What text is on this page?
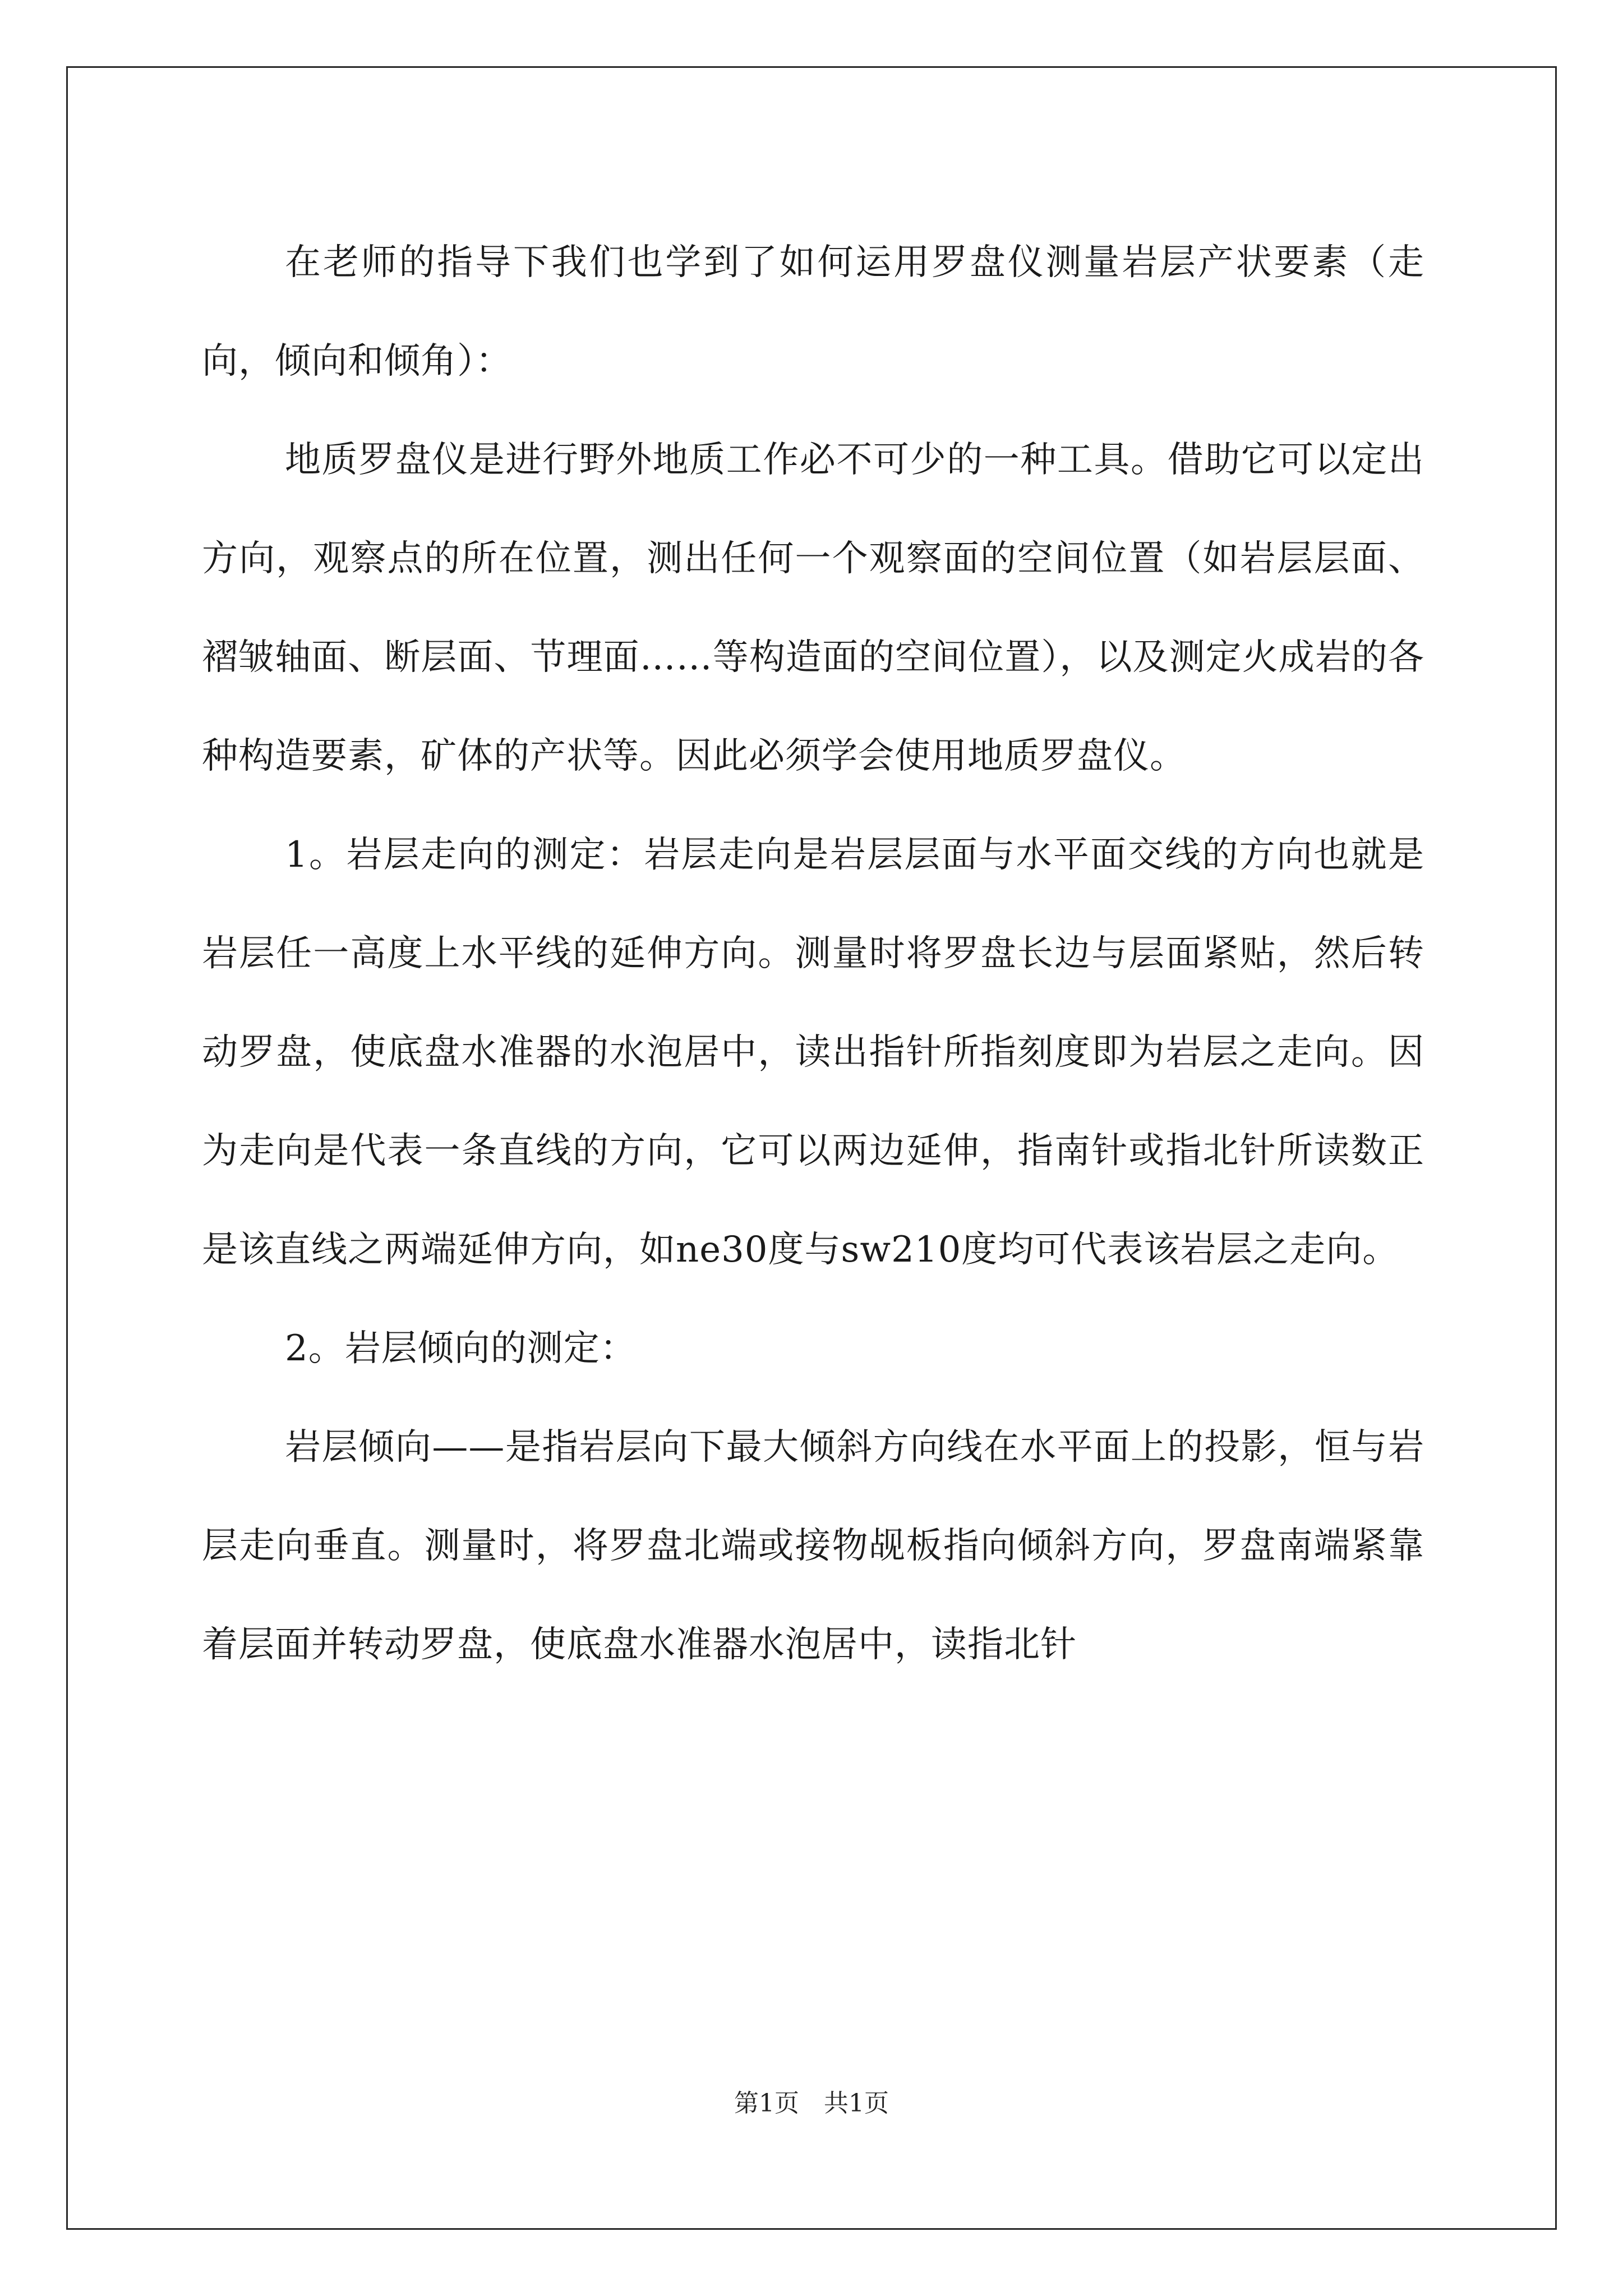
在老师的指导下我们也学到了如何运用罗盘仪测量岩层产状要素（走向，倾向和倾角）：

地质罗盘仪是进行野外地质工作必不可少的一种工具。借助它可以定出方向，观察点的所在位置，测出任何一个观察面的空间位置（如岩层层面、褶皱轴面、断层面、节理面……等构造面的空间位置），以及测定火成岩的各种构造要素，矿体的产状等。因此必须学会使用地质罗盘仪。

1。岩层走向的测定：岩层走向是岩层层面与水平面交线的方向也就是岩层任一高度上水平线的延伸方向。测量时将罗盘长边与层面紧贴，然后转动罗盘，使底盘水准器的水泡居中，读出指针所指刻度即为岩层之走向。因为走向是代表一条直线的方向，它可以两边延伸，指南针或指北针所读数正是该直线之两端延伸方向，如ne30度与sw210度均可代表该岩层之走向。

2。岩层倾向的测定：

岩层倾向——是指岩层向下最大倾斜方向线在水平面上的投影，恒与岩层走向垂直。测量时，将罗盘北端或接物觇板指向倾斜方向，罗盘南端紧靠着层面并转动罗盘，使底盘水准器水泡居中，读指北针

第1页　共1页
